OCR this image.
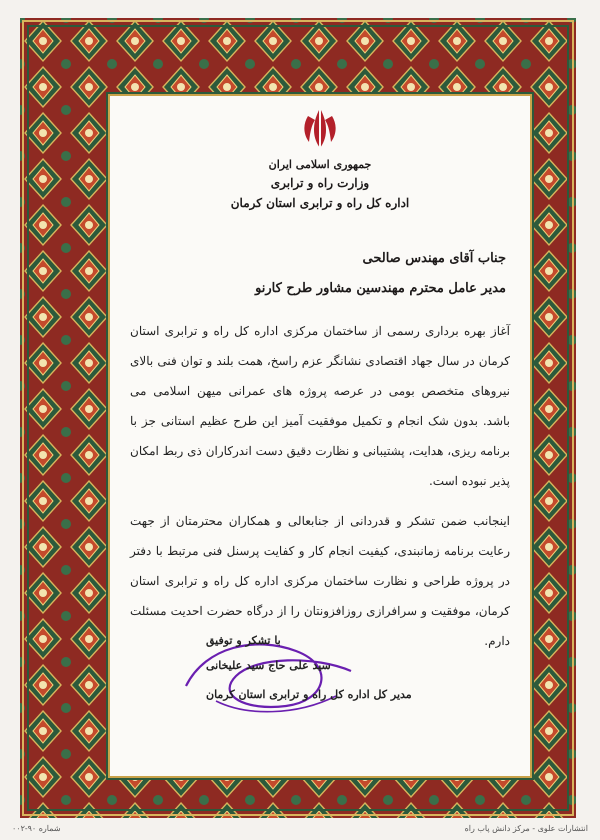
جمهوری اسلامی ایران
وزارت راه و ترابری
اداره کل راه و ترابری استان کرمان
جناب آقای مهندس صالحی
مدیر عامل محترم مهندسین مشاور طرح کارنو

آغاز بهره برداری رسمی از ساختمان مرکزی اداره کل راه و ترابری استان کرمان در سال جهاد اقتصادی نشانگر عزم راسخ، همت بلند و توان فنی بالای نیروهای متخصص بومی در عرصه پروژه های عمرانی میهن اسلامی می باشد. بدون شک انجام و تکمیل موفقیت آمیز این طرح عظیم استانی جز با برنامه ریزی، هدایت، پشتیبانی و نظارت دقیق دست اندرکاران ذی ربط امکان پذیر نبوده است.

اینجانب ضمن تشکر و قدردانی از جنابعالی و همکاران محترمتان از جهت رعایت برنامه زمانبندی، کیفیت انجام کار و کفایت پرسنل فنی مرتبط با دفتر در پروژه طراحی و نظارت ساختمان مرکزی اداره کل راه و ترابری استان کرمان، موفقیت و سرافرازی روزافزونتان را از درگاه حضرت احدیت مسئلت دارم.

با تشکر و توفیق
سید علی حاج سید علیخانی
مدیر کل اداره کل راه و ترابری استان کرمان
انتشارات علوی - مرکز دانش پاب راه
شماره ۹۰-۰۰۲
